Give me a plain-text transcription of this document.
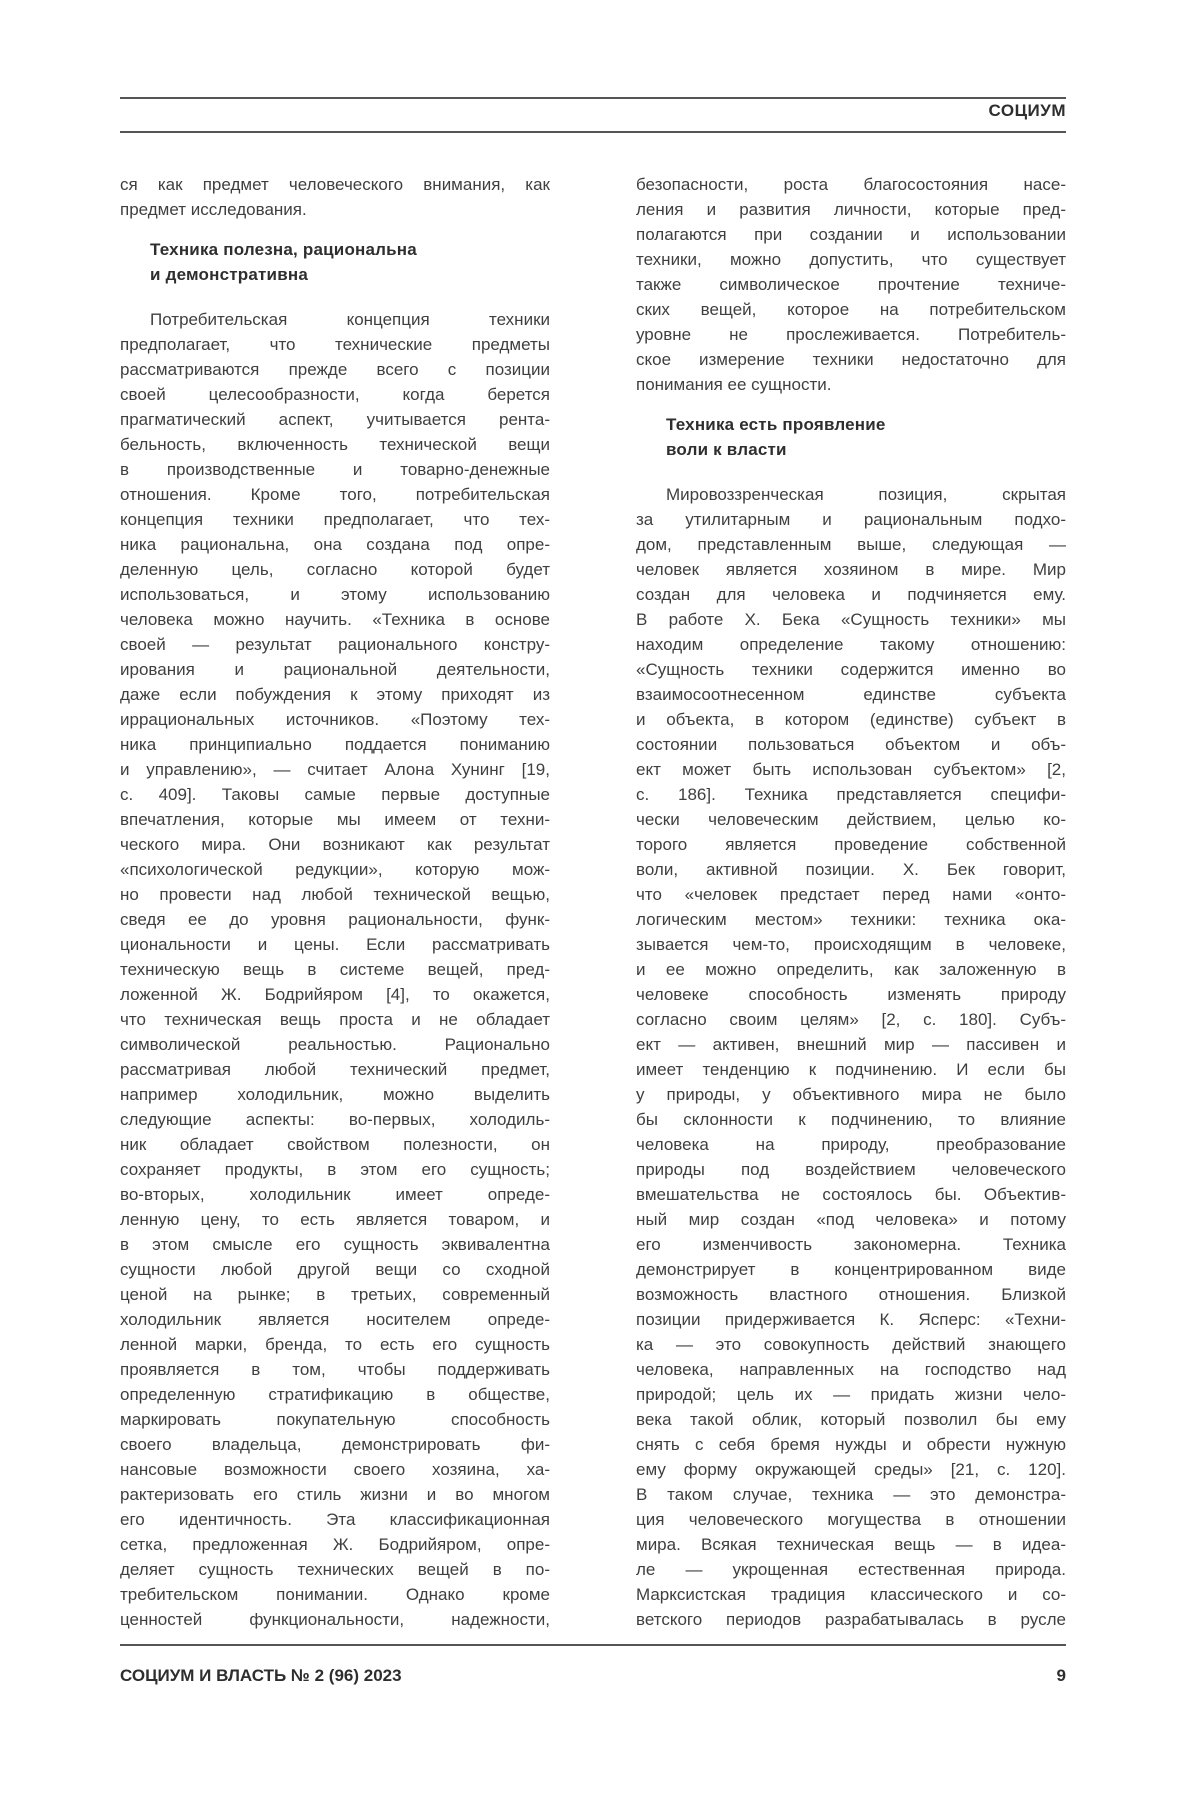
СОЦИУМ
ся как предмет человеческого внимания, как
предмет исследования.
Техника полезна, рациональна
и демонстративна
Потребительская концепция техники
предполагает, что технические предметы
рассматриваются прежде всего с позиции
своей целесообразности, когда берется
прагматический аспект, учитывается рента-
бельность, включенность технической вещи
в производственные и товарно-денежные
отношения. Кроме того, потребительская
концепция техники предполагает, что тех-
ника рациональна, она создана под опре-
деленную цель, согласно которой будет
использоваться, и этому использованию
человека можно научить. «Техника в основе
своей — результат рационального констру-
ирования и рациональной деятельности,
даже если побуждения к этому приходят из
иррациональных источников. «Поэтому тех-
ника принципиально поддается пониманию
и управлению», — считает Алона Хунинг [19,
с. 409]. Таковы самые первые доступные
впечатления, которые мы имеем от техни-
ческого мира. Они возникают как результат
«психологической редукции», которую мож-
но провести над любой технической вещью,
сведя ее до уровня рациональности, функ-
циональности и цены. Если рассматривать
техническую вещь в системе вещей, пред-
ложенной Ж. Бодрийяром [4], то окажется,
что техническая вещь проста и не обладает
символической реальностью. Рационально
рассматривая любой технический предмет,
например холодильник, можно выделить
следующие аспекты: во-первых, холодиль-
ник обладает свойством полезности, он
сохраняет продукты, в этом его сущность;
во-вторых, холодильник имеет опреде-
ленную цену, то есть является товаром, и
в этом смысле его сущность эквивалентна
сущности любой другой вещи со сходной
ценой на рынке; в третьих, современный
холодильник является носителем опреде-
ленной марки, бренда, то есть его сущность
проявляется в том, чтобы поддерживать
определенную стратификацию в обществе,
маркировать покупательную способность
своего владельца, демонстрировать фи-
нансовые возможности своего хозяина, ха-
рактеризовать его стиль жизни и во многом
его идентичность. Эта классификационная
сетка, предложенная Ж. Бодрийяром, опре-
деляет сущность технических вещей в по-
требительском понимании. Однако кроме
ценностей функциональности, надежности,
безопасности, роста благосостояния насе-
ления и развития личности, которые пред-
полагаются при создании и использовании
техники, можно допустить, что существует
также символическое прочтение техниче-
ских вещей, которое на потребительском
уровне не прослеживается. Потребитель-
ское измерение техники недостаточно для
понимания ее сущности.
Техника есть проявление
воли к власти
Мировоззренческая позиция, скрытая
за утилитарным и рациональным подхо-
дом, представленным выше, следующая —
человек является хозяином в мире. Мир
создан для человека и подчиняется ему.
В работе Х. Бека «Сущность техники» мы
находим определение такому отношению:
«Сущность техники содержится именно во
взаимосоотнесенном единстве субъекта
и объекта, в котором (единстве) субъект в
состоянии пользоваться объектом и объ-
ект может быть использован субъектом» [2,
с. 186]. Техника представляется специфи-
чески человеческим действием, целью ко-
торого является проведение собственной
воли, активной позиции. Х. Бек говорит,
что «человек предстает перед нами «онто-
логическим местом» техники: техника ока-
зывается чем-то, происходящим в человеке,
и ее можно определить, как заложенную в
человеке способность изменять природу
согласно своим целям» [2, с. 180]. Субъ-
ект — активен, внешний мир — пассивен и
имеет тенденцию к подчинению. И если бы
у природы, у объективного мира не было
бы склонности к подчинению, то влияние
человека на природу, преобразование
природы под воздействием человеческого
вмешательства не состоялось бы. Объектив-
ный мир создан «под человека» и потому
его изменчивость закономерна. Техника
демонстрирует в концентрированном виде
возможность властного отношения. Близкой
позиции придерживается К. Ясперс: «Техни-
ка — это совокупность действий знающего
человека, направленных на господство над
природой; цель их — придать жизни чело-
века такой облик, который позволил бы ему
снять с себя бремя нужды и обрести нужную
ему форму окружающей среды» [21, с. 120].
В таком случае, техника — это демонстра-
ция человеческого могущества в отношении
мира. Всякая техническая вещь — в идеа-
ле — укрощенная естественная природа.
Марксистская традиция классического и со-
ветского периодов разрабатывалась в русле
СОЦИУМ И ВЛАСТЬ № 2 (96) 2023	9
